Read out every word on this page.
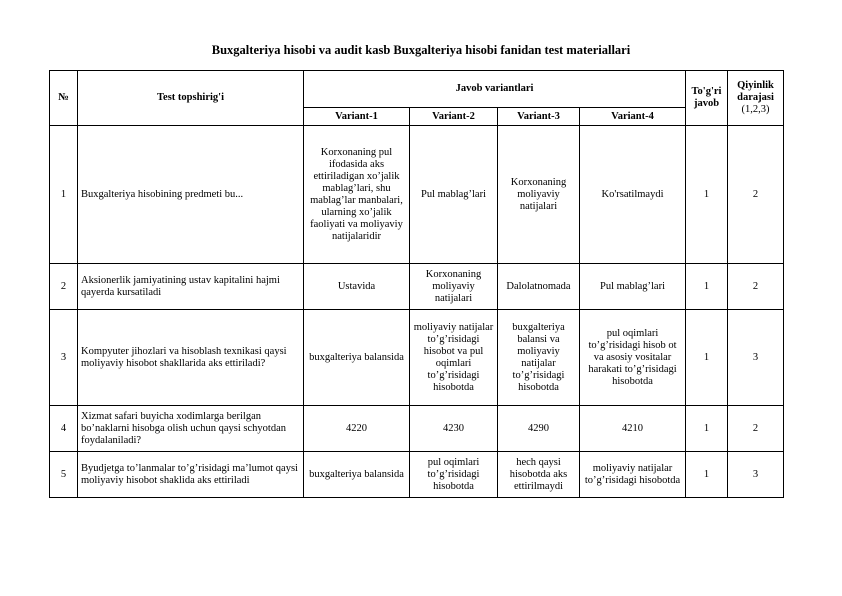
Buxgalteriya hisobi va audit kasb Buxgalteriya hisobi fanidan test materiallari
№	Test topshirig'i	Javob variantlari				To'g'ri javob	Qiyinlik darajasi
(1,2,3)
		Variant-1	Variant-2	Variant-3	Variant-4		
1	Buxgalteriya hisobining predmeti bu...	Korxonaning pul ifodasida aks ettiriladigan xo’jalik mablag’lari, shu mablag’lar manbalari, ularning xo’jalik faoliyati va moliyaviy natijalaridir	Pul mablag’lari	Korxonaning moliyaviy natijalari	Ko'rsatilmaydi	1	2
2	Aksionerlik jamiyatining ustav kapitalini hajmi qayerda kursatiladi	Ustavida	Korxonaning moliyaviy natijalari	Dalolatnomada	Pul mablag’lari	1	2
3	Kompyuter jihozlari va hisoblash texnikasi qaysi moliyaviy hisobot shakllarida aks ettiriladi?	buxgalteriya balansida	moliyaviy natijalar to’g’risidagi hisobot va pul oqimlari to’g’risidagi hisobotda	buxgalteriya balansi va moliyaviy natijalar to’g’risidagi hisobotda	pul oqimlari to’g’risidagi hisob ot va asosiy vositalar harakati to’g’risidagi hisobotda	1	3
4	Xizmat safari buyicha xodimlarga berilgan bo’naklarni hisobga olish uchun qaysi schyotdan foydalaniladi?	4220	4230	4290	4210	1	2
5	Byudjetga to’lanmalar to’g’risidagi ma’lumot qaysi moliyaviy hisobot shaklida aks ettiriladi	buxgalteriya balansida	pul oqimlari to’g’risidagi hisobotda	hech qaysi hisobotda aks ettirilmaydi	moliyaviy natijalar to’g’risidagi hisobotda	1	3
